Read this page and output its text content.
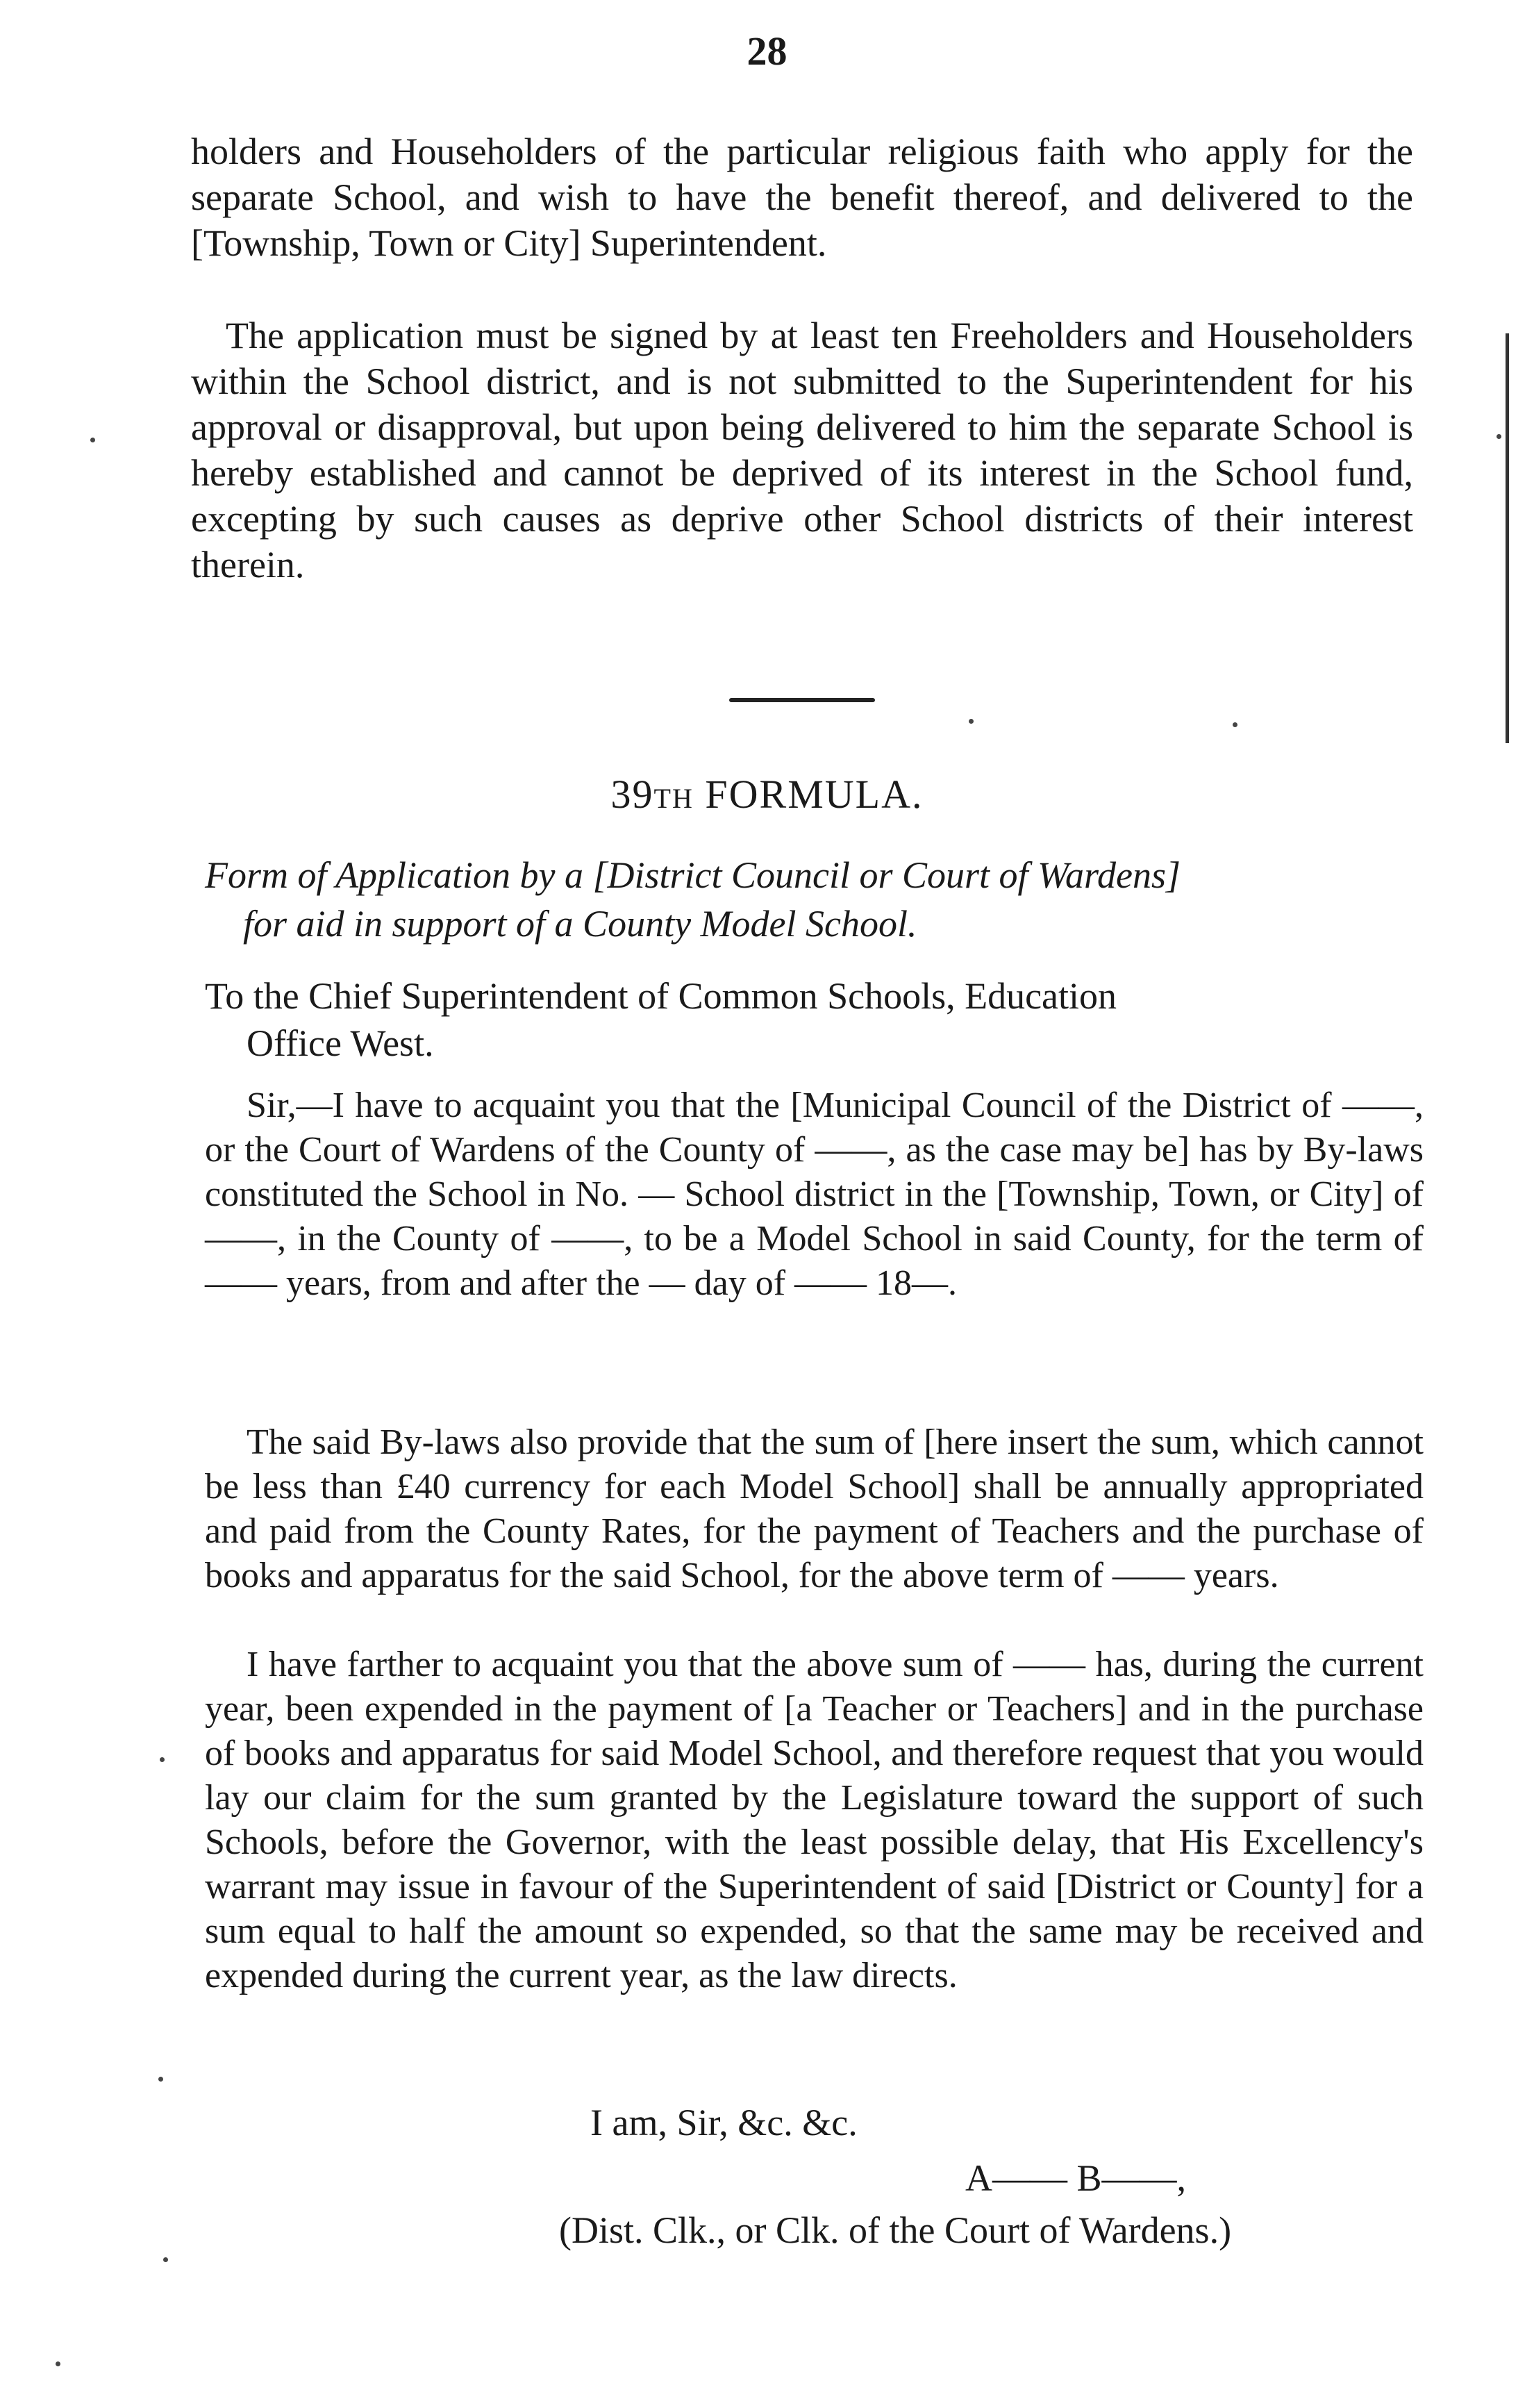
28

holders and Householders of the particular religious faith who apply for the separate School, and wish to have the benefit thereof, and delivered to the [Township, Town or City] Superintendent.

The application must be signed by at least ten Freeholders and Householders within the School district, and is not submitted to the Superintendent for his approval or disapproval, but upon being delivered to him the separate School is hereby established and cannot be deprived of its interest in the School fund, excepting by such causes as deprive other School districts of their interest therein.

39TH FORMULA.
Form of Application by a [District Council or Court of Wardens]
for aid in support of a County Model School.
To the Chief Superintendent of Common Schools, Education
Office West.

Sir,—I have to acquaint you that the [Municipal Council of the District of ——, or the Court of Wardens of the County of ——, as the case may be] has by By-laws constituted the School in No. — School district in the [Township, Town, or City] of ——, in the County of ——, to be a Model School in said County, for the term of —— years, from and after the — day of —— 18—.

The said By-laws also provide that the sum of [here insert the sum, which cannot be less than £40 currency for each Model School] shall be annually appropriated and paid from the County Rates, for the payment of Teachers and the purchase of books and apparatus for the said School, for the above term of —— years.

I have farther to acquaint you that the above sum of —— has, during the current year, been expended in the payment of [a Teacher or Teachers] and in the purchase of books and apparatus for said Model School, and therefore request that you would lay our claim for the sum granted by the Legislature toward the support of such Schools, before the Governor, with the least possible delay, that His Excellency's warrant may issue in favour of the Superintendent of said [District or County] for a sum equal to half the amount so expended, so that the same may be received and expended during the current year, as the law directs.

I am, Sir, &c. &c.
A—— B——,
(Dist. Clk., or Clk. of the Court of Wardens.)
